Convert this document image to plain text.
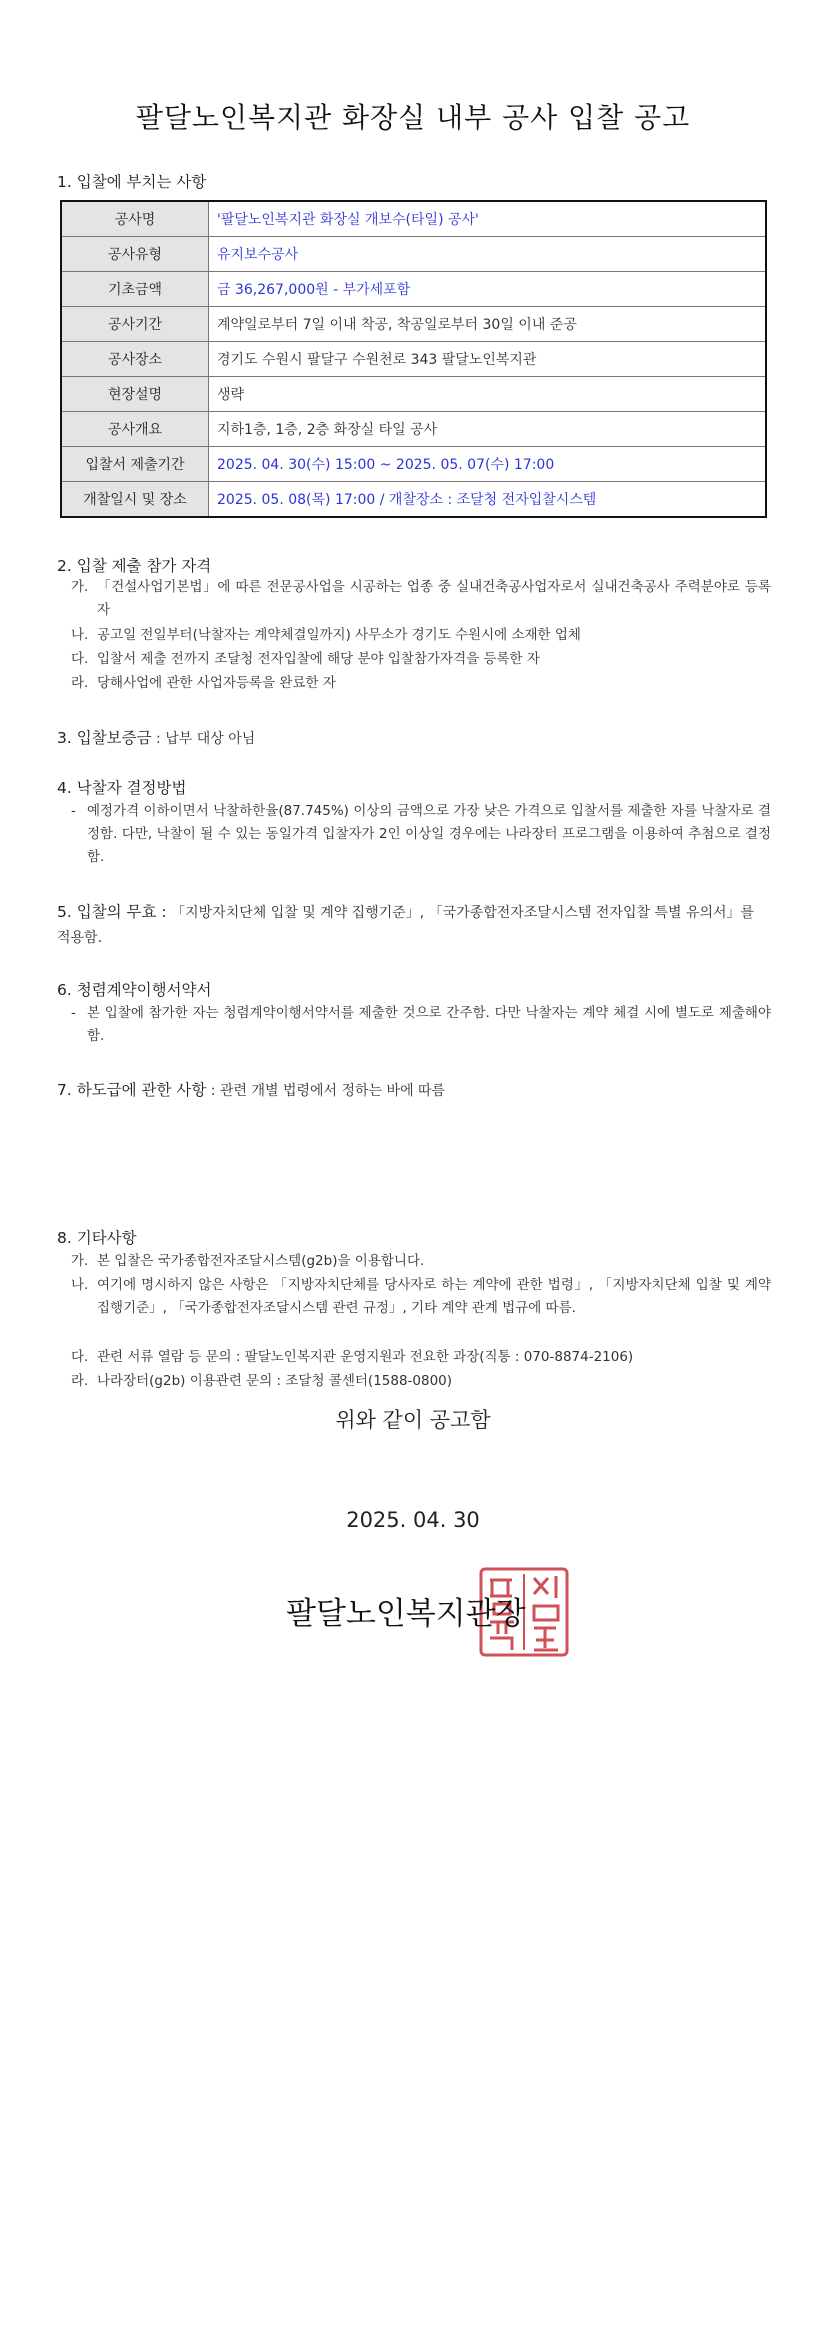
팔달노인복지관 화장실 내부 공사 입찰 공고
1. 입찰에 부치는 사항
공사명	'팔달노인복지관 화장실 개보수(타일) 공사'
공사유형	유지보수공사
기초금액	금 36,267,000원 - 부가세포함
공사기간	계약일로부터 7일 이내 착공, 착공일로부터 30일 이내 준공
공사장소	경기도 수원시 팔달구 수원천로 343 팔달노인복지관
현장설명	생략
공사개요	지하1층, 1층, 2층 화장실 타일 공사
입찰서 제출기간	2025. 04. 30(수) 15:00 ~ 2025. 05. 07(수) 17:00
개찰일시 및 장소	2025. 05. 08(목) 17:00 / 개찰장소 : 조달청 전자입찰시스템
2. 입찰 제출 참가 자격
가. 「건설사업기본법」에 따른 전문공사업을 시공하는 업종 중 실내건축공사업자로서 실내건축공사 주력분야로 등록자
나. 공고일 전일부터(낙찰자는 계약체결일까지) 사무소가 경기도 수원시에 소재한 업체
다. 입찰서 제출 전까지 조달청 전자입찰에 해당 분야 입찰참가자격을 등록한 자
라. 당해사업에 관한 사업자등록을 완료한 자
3. 입찰보증금 : 납부 대상 아님
4. 낙찰자 결정방법
- 예정가격 이하이면서 낙찰하한율(87.745%) 이상의 금액으로 가장 낮은 가격으로 입찰서를 제출한 자를 낙찰자로 결정함. 다만, 낙찰이 될 수 있는 동일가격 입찰자가 2인 이상일 경우에는 나라장터 프로그램을 이용하여 추첨으로 결정함.
5. 입찰의 무효 : 「지방자치단체 입찰 및 계약 집행기준」, 「국가종합전자조달시스템 전자입찰 특별 유의서」를 적용함.
6. 청렴계약이행서약서
- 본 입찰에 참가한 자는 청렴계약이행서약서를 제출한 것으로 간주함. 다만 낙찰자는 계약 체결 시에 별도로 제출해야 함.
7. 하도급에 관한 사항 : 관련 개별 법령에서 정하는 바에 따름
8. 기타사항
가. 본 입찰은 국가종합전자조달시스템(g2b)을 이용합니다.
나. 여기에 명시하지 않은 사항은 「지방자치단체를 당사자로 하는 계약에 관한 법령」, 「지방자치단체 입찰 및 계약 집행기준」, 「국가종합전자조달시스템 관련 규정」, 기타 계약 관계 법규에 따름.
다. 관련 서류 열람 등 문의 : 팔달노인복지관 운영지원과 전요한 과장(직통 : 070-8874-2106)
라. 나라장터(g2b) 이용관련 문의 : 조달청 콜센터(1588-0800)
위와 같이 공고함
2025. 04. 30
팔달노인복지관장
